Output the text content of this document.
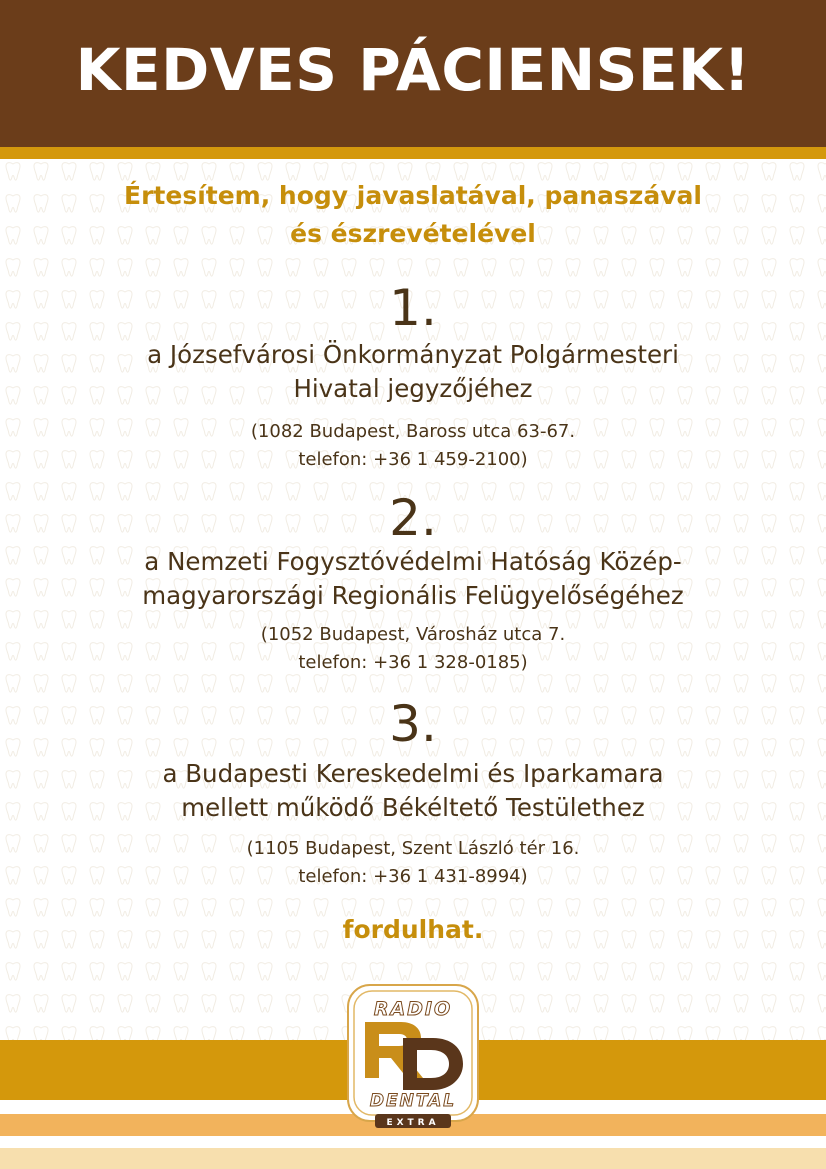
KEDVES PÁCIENSEK!

Értesítem, hogy javaslatával, panaszával
és észrevételével

1.
a Józsefvárosi Önkormányzat Polgármesteri
Hivatal jegyzőjéhez
(1082 Budapest, Baross utca 63-67.
telefon: +36 1 459-2100)
2.
a Nemzeti Fogysztóvédelmi Hatóság Közép-
magyarországi Regionális Felügyelőségéhez
(1052 Budapest, Városház utca 7.
telefon: +36 1 328-0185)
3.
a Budapesti Kereskedelmi és Iparkamara
mellett működő Békéltető Testülethez
(1105 Budapest, Szent László tér 16.
telefon: +36 1 431-8994)
fordulhat.
RADIO
DENTAL
EXTRA
